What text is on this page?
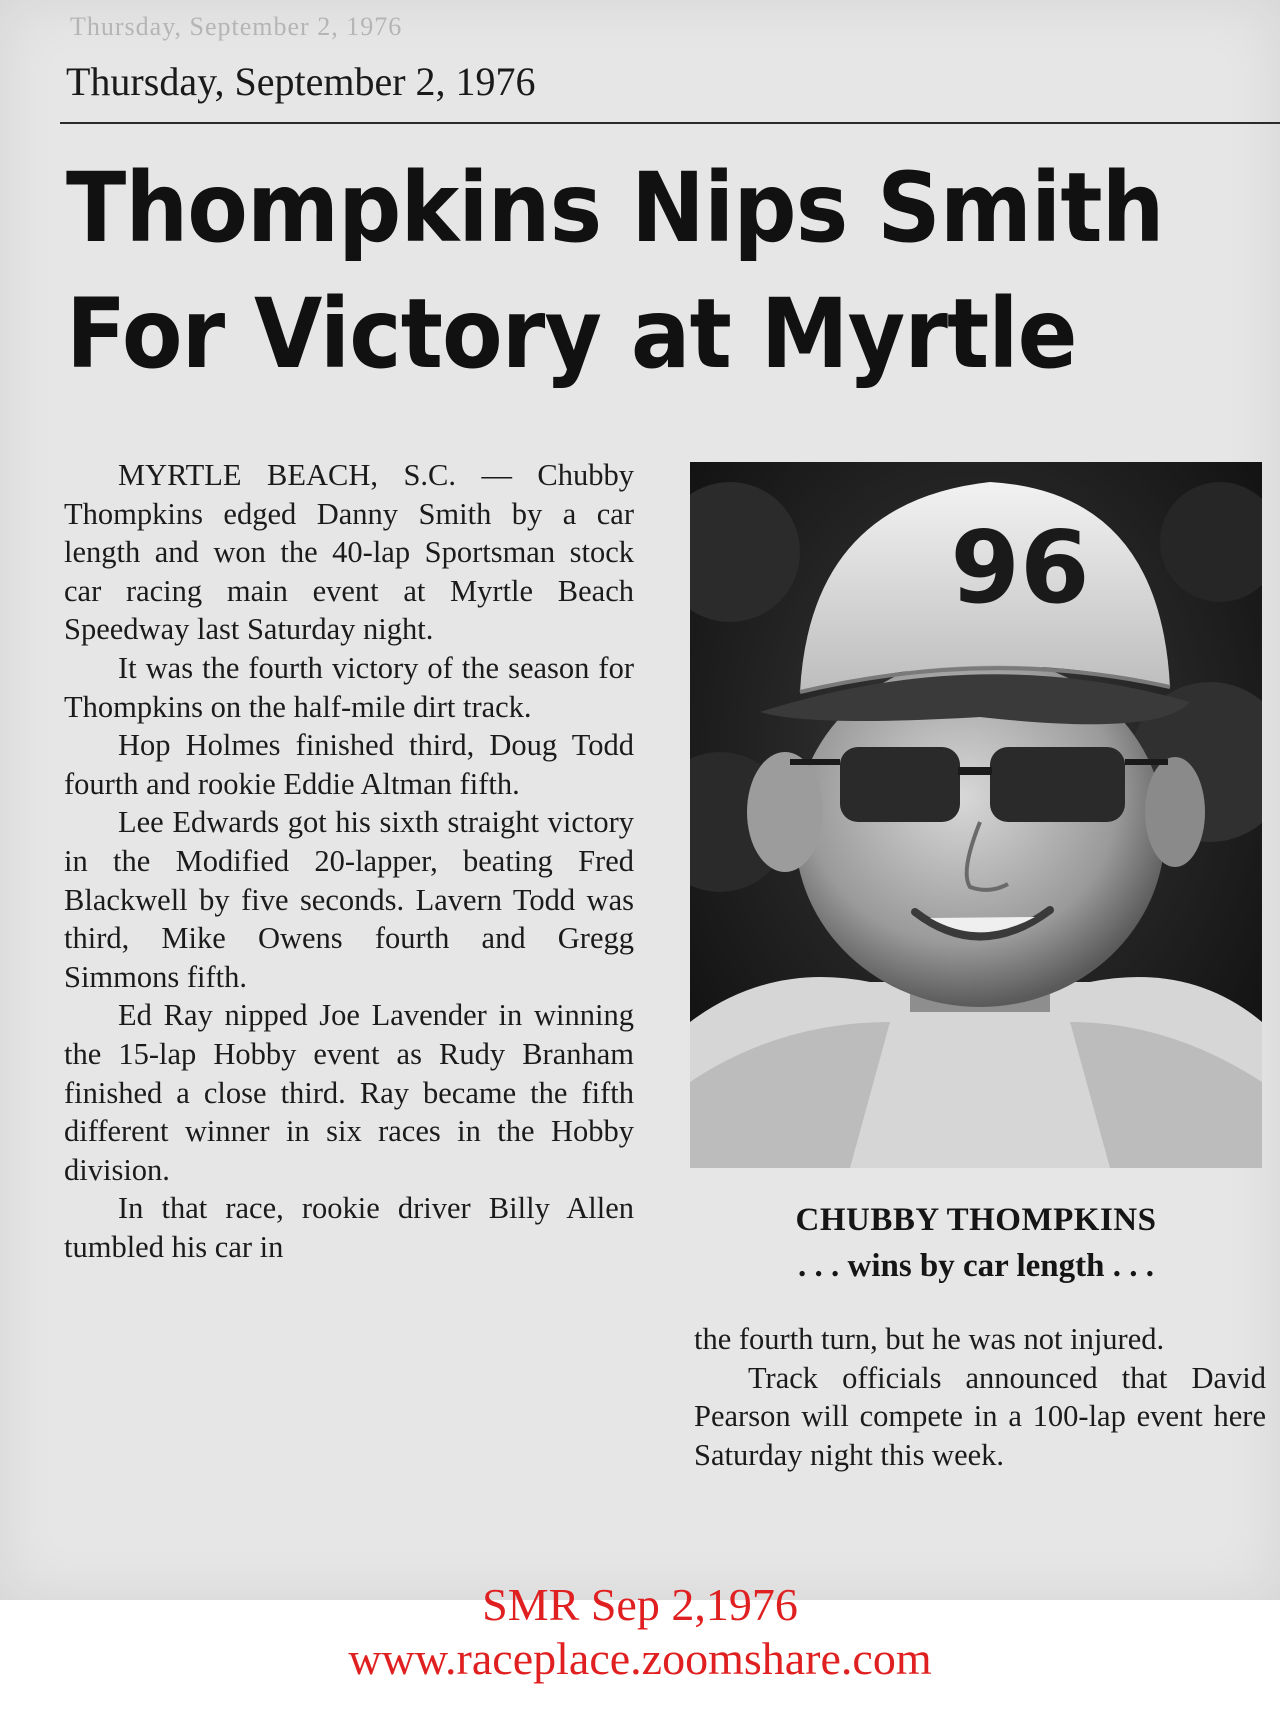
Thursday, September 2, 1976
Thursday, September 2, 1976
Thompkins Nips Smith
For Victory at Myrtle

MYRTLE BEACH, S.C. — Chubby Thompkins edged Danny Smith by a car length and won the 40-lap Sportsman stock car racing main event at Myrtle Beach Speedway last Saturday night.

It was the fourth victory of the season for Thompkins on the half-mile dirt track.

Hop Holmes finished third, Doug Todd fourth and rookie Eddie Altman fifth.

Lee Edwards got his sixth straight victory in the Modified 20-lapper, beating Fred Blackwell by five seconds. Lavern Todd was third, Mike Owens fourth and Gregg Simmons fifth.

Ed Ray nipped Joe Lavender in winning the 15-lap Hobby event as Rudy Branham finished a close third. Ray became the fifth different winner in six races in the Hobby division.

In that race, rookie driver Billy Allen tumbled his car in

96
CHUBBY THOMPKINS
. . . wins by car length . . .

the fourth turn, but he was not injured.

Track officials announced that David Pearson will compete in a 100-lap event here Saturday night this week.

SMR Sep 2,1976
www.raceplace.zoomshare.com
